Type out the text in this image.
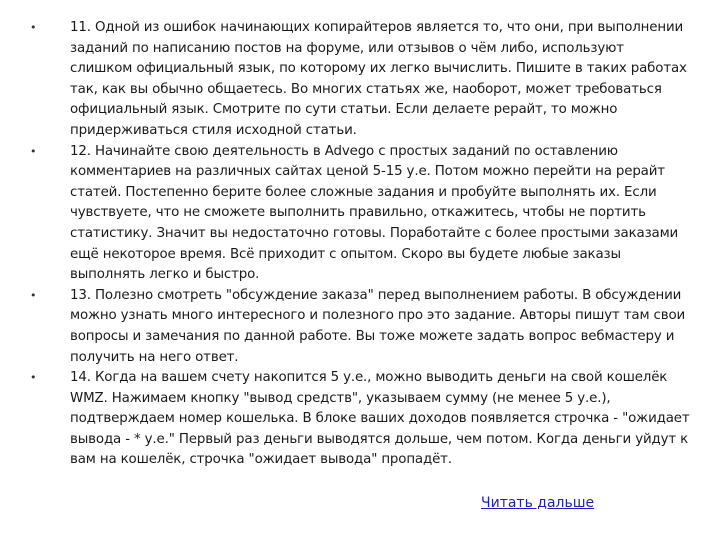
•	11. Одной из ошибок начинающих копирайтеров является то, что они, при выполнении заданий по написанию постов на форуме, или отзывов о чём либо, используют слишком официальный язык, по которому их легко вычислить. Пишите в таких работах так, как вы обычно общаетесь. Во многих статьях же, наоборот, может требоваться официальный язык. Смотрите по сути статьи. Если делаете рерайт, то можно придерживаться стиля исходной статьи.
•	12. Начинайте свою деятельность в Advego с простых заданий по оставлению комментариев на различных сайтах ценой 5-15 у.е. Потом можно перейти на рерайт статей. Постепенно берите более сложные задания и пробуйте выполнять их. Если чувствуете, что не сможете выполнить правильно, откажитесь, чтобы не портить статистику. Значит вы недостаточно готовы. Поработайте с более простыми заказами ещё некоторое время. Всё приходит с опытом. Скоро вы будете любые заказы выполнять легко и быстро.
•	13. Полезно смотреть "обсуждение заказа" перед выполнением работы. В обсуждении можно узнать много интересного и полезного про это задание. Авторы пишут там свои вопросы и замечания по данной работе. Вы тоже можете задать вопрос вебмастеру и получить на него ответ.
•	14. Когда на вашем счету накопится 5 у.е., можно выводить деньги на свой кошелёк WMZ. Нажимаем кнопку "вывод средств", указываем сумму (не менее 5 у.е.), подтверждаем номер кошелька. В блоке ваших доходов появляется строчка - "ожидает вывода - * у.е." Первый раз деньги выводятся дольше, чем потом. Когда деньги уйдут к вам на кошелёк, строчка "ожидает вывода" пропадёт.
Читать дальше
